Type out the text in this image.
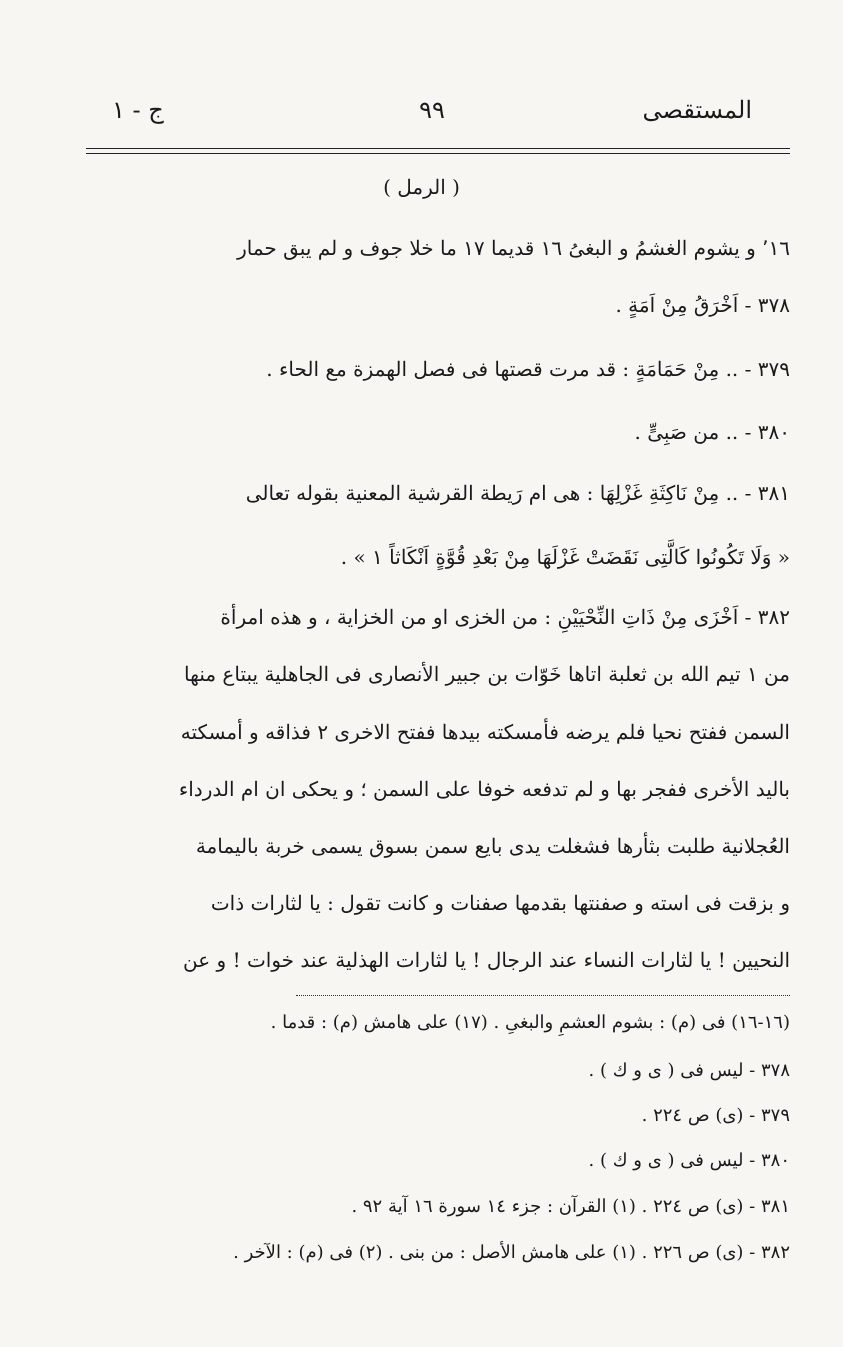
المستقصى
٩٩
ج - ١
( الرمل )
٬١٦ و يشوم الغشمُ و البغىُ ١٦ قديما ١٧ ما خلا جوف و لم يبق حمار
٣٧٨ - اَخْرَقُ مِنْ اَمَةٍ .
٣٧٩ - .. مِنْ حَمَامَةٍ : قد مرت قصتها فى فصل الهمزة مع الحاء .
٣٨٠ - .. من صَبِىٍّ .
٣٨١ - .. مِنْ نَاكِثَةِ غَزْلِهَا : هى ام رَيطة القرشية المعنية بقوله تعالى
« وَلَا تَكُونُوا كَالَّتِى نَقَضَتْ غَزْلَهَا مِنْ بَعْدِ قُوَّةٍ اَنْكَاثاً ١ » .
٣٨٢ - اَخْزَى مِنْ ذَاتِ النِّحْيَيْنِ : من الخزى او من الخزاية ، و هذه امرأة
من ١ تيم الله بن ثعلبة اتاها خَوّات بن جبير الأنصارى فى الجاهلية يبتاع منها
السمن ففتح نحيا فلم يرضه فأمسكته بيدها ففتح الاخرى ٢ فذاقه و أمسكته
باليد الأخرى ففجر بها و لم تدفعه خوفا على السمن ؛ و يحكى ان ام الدرداء
العُجلانية طلبت بثأرها فشغلت يدى بايع سمن بسوق يسمى خربة باليمامة
و بزقت فى استه و صفنتها بقدمها صفنات و كانت تقول : يا لثارات ذات
النحيين ! يا لثارات النساء عند الرجال ! يا لثارات الهذلية عند خوات ! و عن
(١٦-١٦) فى (م) : بشوم العشمِ والبغىِ . (١٧) على هامش (م) : قدما .
٣٧٨ - ليس فى ( ى و ك ) .
٣٧٩ - (ى) ص ٢٢٤ .
٣٨٠ - ليس فى ( ى و ك ) .
٣٨١ - (ى) ص ٢٢٤ . (١) القرآن : جزء ١٤ سورة ١٦ آية ٩٢ .
٣٨٢ - (ى) ص ٢٢٦ . (١) على هامش الأصل : من بنى . (٢) فى (م) : الآخر .
